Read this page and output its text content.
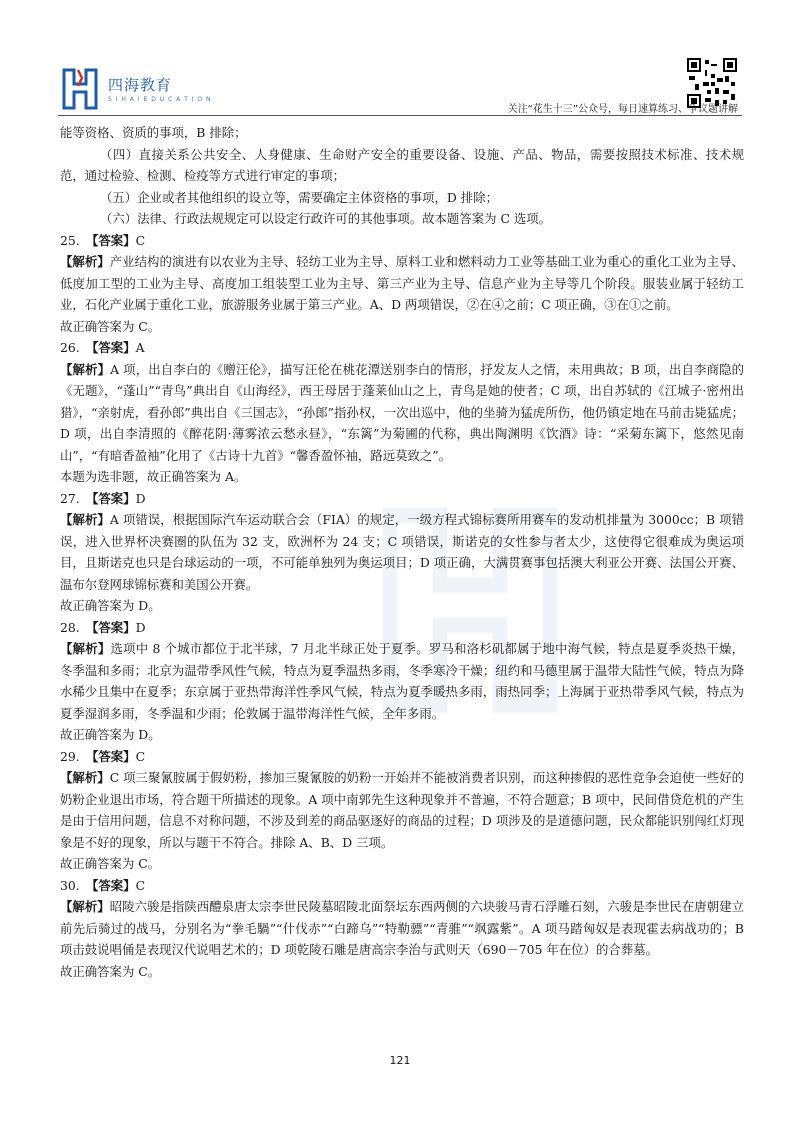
四海教育
S I H A I E D U C A T I O N
关注“花生十三”公众号，每日速算练习、争议题讲解

能等资格、资质的事项，B 排除；

（四）直接关系公共安全、人身健康、生命财产安全的重要设备、设施、产品、物品，需要按照技术标准、技术规范，通过检验、检测、检疫等方式进行审定的事项；

（五）企业或者其他组织的设立等，需要确定主体资格的事项，D 排除；

（六）法律、行政法规规定可以设定行政许可的其他事项。故本题答案为 C 选项。

25. 【答案】C

【解析】产业结构的演进有以农业为主导、轻纺工业为主导、原料工业和燃料动力工业等基础工业为重心的重化工业为主导、低度加工型的工业为主导、高度加工组装型工业为主导、第三产业为主导、信息产业为主导等几个阶段。服装业属于轻纺工业，石化产业属于重化工业，旅游服务业属于第三产业。A、D 两项错误，②在④之前；C 项正确，③在①之前。

故正确答案为 C。

26. 【答案】A

【解析】A 项，出自李白的《赠汪伦》，描写汪伦在桃花潭送别李白的情形，抒发友人之情，未用典故；B 项，出自李商隐的《无题》，“蓬山”“青鸟”典出自《山海经》，西王母居于蓬莱仙山之上，青鸟是她的使者；C 项，出自苏轼的《江城子·密州出猎》，“亲射虎，看孙郎”典出自《三国志》，“孙郎”指孙权，一次出巡中，他的坐骑为猛虎所伤，他仍镇定地在马前击毙猛虎；D 项，出自李清照的《醉花阴·薄雾浓云愁永昼》，“东篱”为菊圃的代称，典出陶渊明《饮酒》诗：“采菊东篱下，悠然见南山”，“有暗香盈袖”化用了《古诗十九首》“馨香盈怀袖，路远莫致之”。

本题为选非题，故正确答案为 A。

27. 【答案】D

【解析】A 项错误，根据国际汽车运动联合会（FIA）的规定，一级方程式锦标赛所用赛车的发动机排量为 3000cc；B 项错误，进入世界杯决赛圈的队伍为 32 支，欧洲杯为 24 支；C 项错误，斯诺克的女性参与者太少，这使得它很难成为奥运项目，且斯诺克也只是台球运动的一项，不可能单独列为奥运项目；D 项正确，大满贯赛事包括澳大利亚公开赛、法国公开赛、温布尔登网球锦标赛和美国公开赛。

故正确答案为 D。

28. 【答案】D

【解析】选项中 8 个城市都位于北半球，7 月北半球正处于夏季。罗马和洛杉矶都属于地中海气候，特点是夏季炎热干燥，冬季温和多雨；北京为温带季风性气候，特点为夏季温热多雨，冬季寒冷干燥；纽约和马德里属于温带大陆性气候，特点为降水稀少且集中在夏季；东京属于亚热带海洋性季风气候，特点为夏季暖热多雨，雨热同季；上海属于亚热带季风气候，特点为夏季湿润多雨，冬季温和少雨；伦敦属于温带海洋性气候，全年多雨。

故正确答案为 D。

29. 【答案】C

【解析】C 项三聚氰胺属于假奶粉，掺加三聚氰胺的奶粉一开始并不能被消费者识别，而这种掺假的恶性竞争会迫使一些好的奶粉企业退出市场，符合题干所描述的现象。A 项中南郭先生这种现象并不普遍，不符合题意；B 项中，民间借贷危机的产生是由于信用问题，信息不对称问题，不涉及到差的商品驱逐好的商品的过程；D 项涉及的是道德问题，民众都能识别闯红灯现象是不好的现象，所以与题干不符合。排除 A、B、D 三项。

故正确答案为 C。

30. 【答案】C

【解析】昭陵六骏是指陕西醴泉唐太宗李世民陵墓昭陵北面祭坛东西两侧的六块骏马青石浮雕石刻，六骏是李世民在唐朝建立前先后骑过的战马，分别名为“拳毛騧”“什伐赤”“白蹄乌”“特勒骠”“青骓”“飒露紫”。A 项马踏匈奴是表现霍去病战功的；B 项击鼓说唱俑是表现汉代说唱艺术的；D 项乾陵石雕是唐高宗李治与武则天（690－705 年在位）的合葬墓。

故正确答案为 C。

121
